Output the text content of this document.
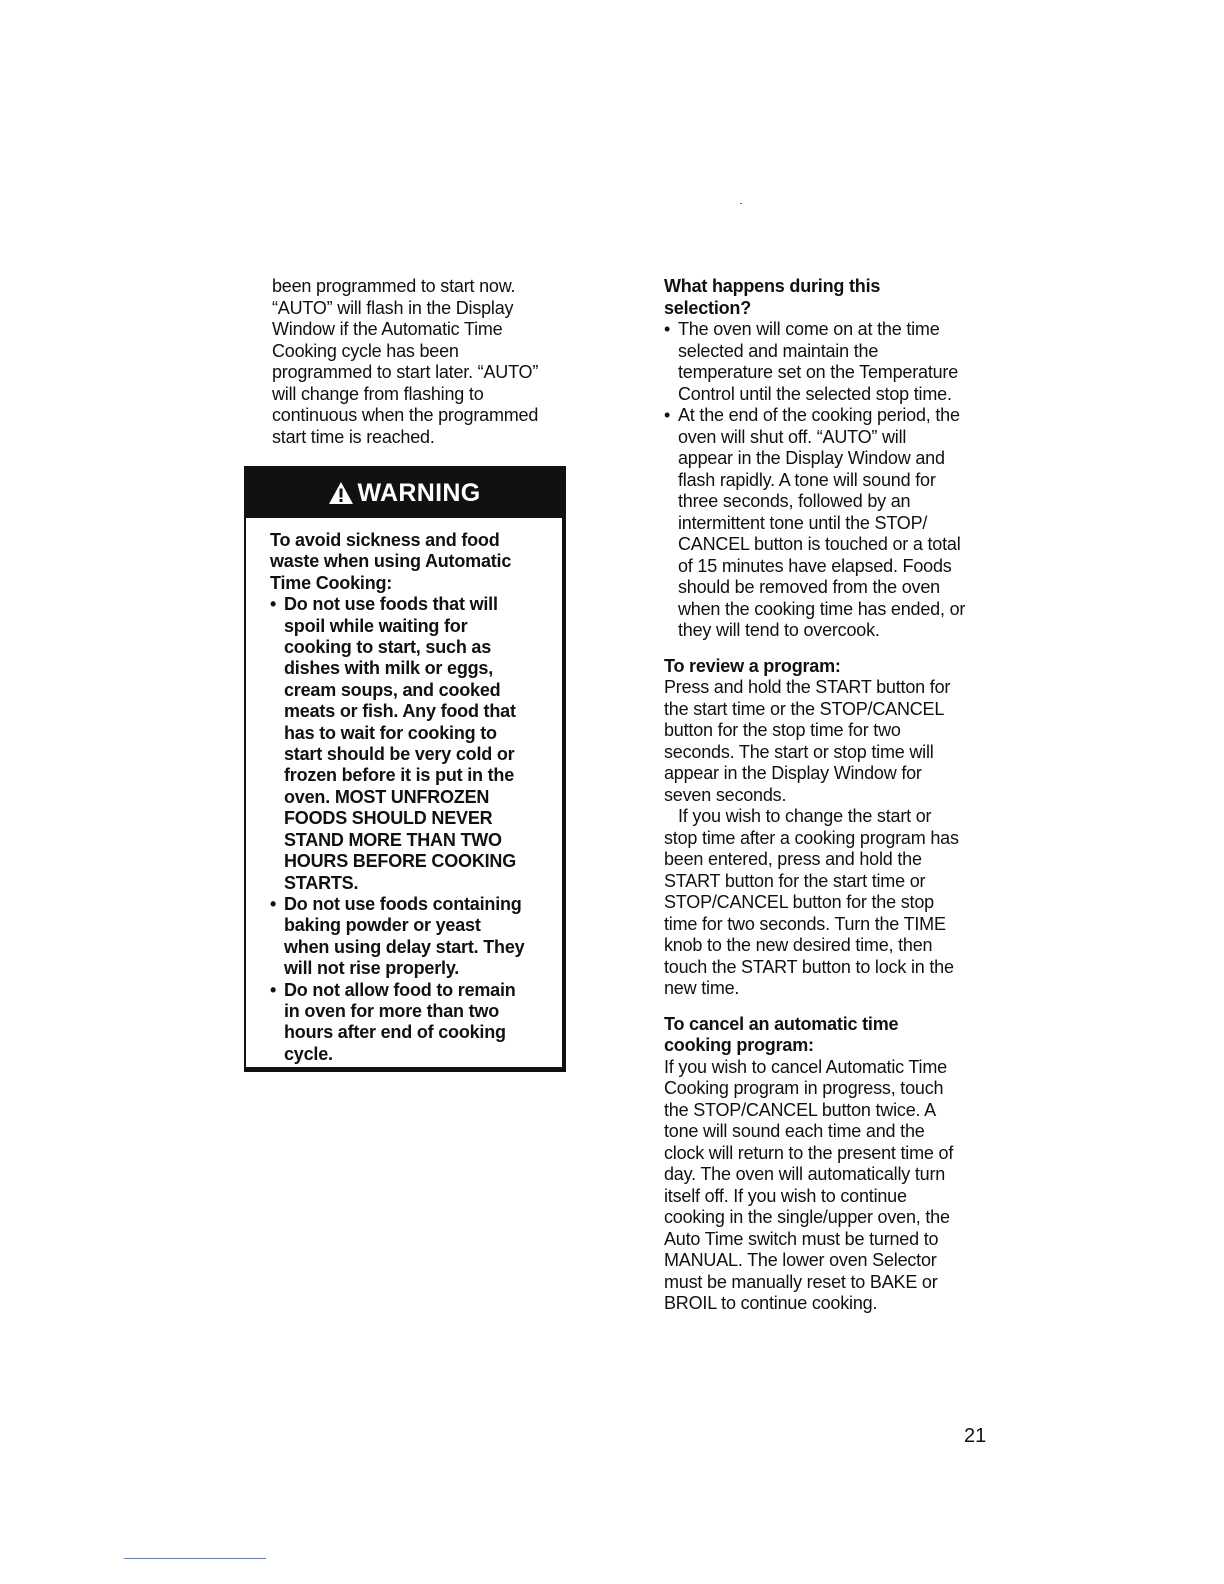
been programmed to start now.
“AUTO” will flash in the Display
Window if the Automatic Time
Cooking cycle has been
programmed to start later. “AUTO”
will change from flashing to
continuous when the programmed
start time is reached.

WARNING

To avoid sickness and food
waste when using Automatic
Time Cooking:

• Do not use foods that will
spoil while waiting for
cooking to start, such as
dishes with milk or eggs,
cream soups, and cooked
meats or fish. Any food that
has to wait for cooking to
start should be very cold or
frozen before it is put in the
oven. MOST UNFROZEN
FOODS SHOULD NEVER
STAND MORE THAN TWO
HOURS BEFORE COOKING
STARTS.
• Do not use foods containing
baking powder or yeast
when using delay start. They
will not rise properly.
• Do not allow food to remain
in oven for more than two
hours after end of cooking
cycle.

What happens during this
selection?

• The oven will come on at the time
selected and maintain the
temperature set on the Temperature
Control until the selected stop time.
• At the end of the cooking period, the
oven will shut off. “AUTO” will
appear in the Display Window and
flash rapidly. A tone will sound for
three seconds, followed by an
intermittent tone until the STOP/
CANCEL button is touched or a total
of 15 minutes have elapsed. Foods
should be removed from the oven
when the cooking time has ended, or
they will tend to overcook.

To review a program:

Press and hold the START button for
the start time or the STOP/CANCEL
button for the stop time for two
seconds. The start or stop time will
appear in the Display Window for
seven seconds.

If you wish to change the start or
stop time after a cooking program has
been entered, press and hold the
START button for the start time or
STOP/CANCEL button for the stop
time for two seconds. Turn the TIME
knob to the new desired time, then
touch the START button to lock in the
new time.

To cancel an automatic time
cooking program:

If you wish to cancel Automatic Time
Cooking program in progress, touch
the STOP/CANCEL button twice. A
tone will sound each time and the
clock will return to the present time of
day. The oven will automatically turn
itself off. If you wish to continue
cooking in the single/upper oven, the
Auto Time switch must be turned to
MANUAL. The lower oven Selector
must be manually reset to BAKE or
BROIL to continue cooking.

21
